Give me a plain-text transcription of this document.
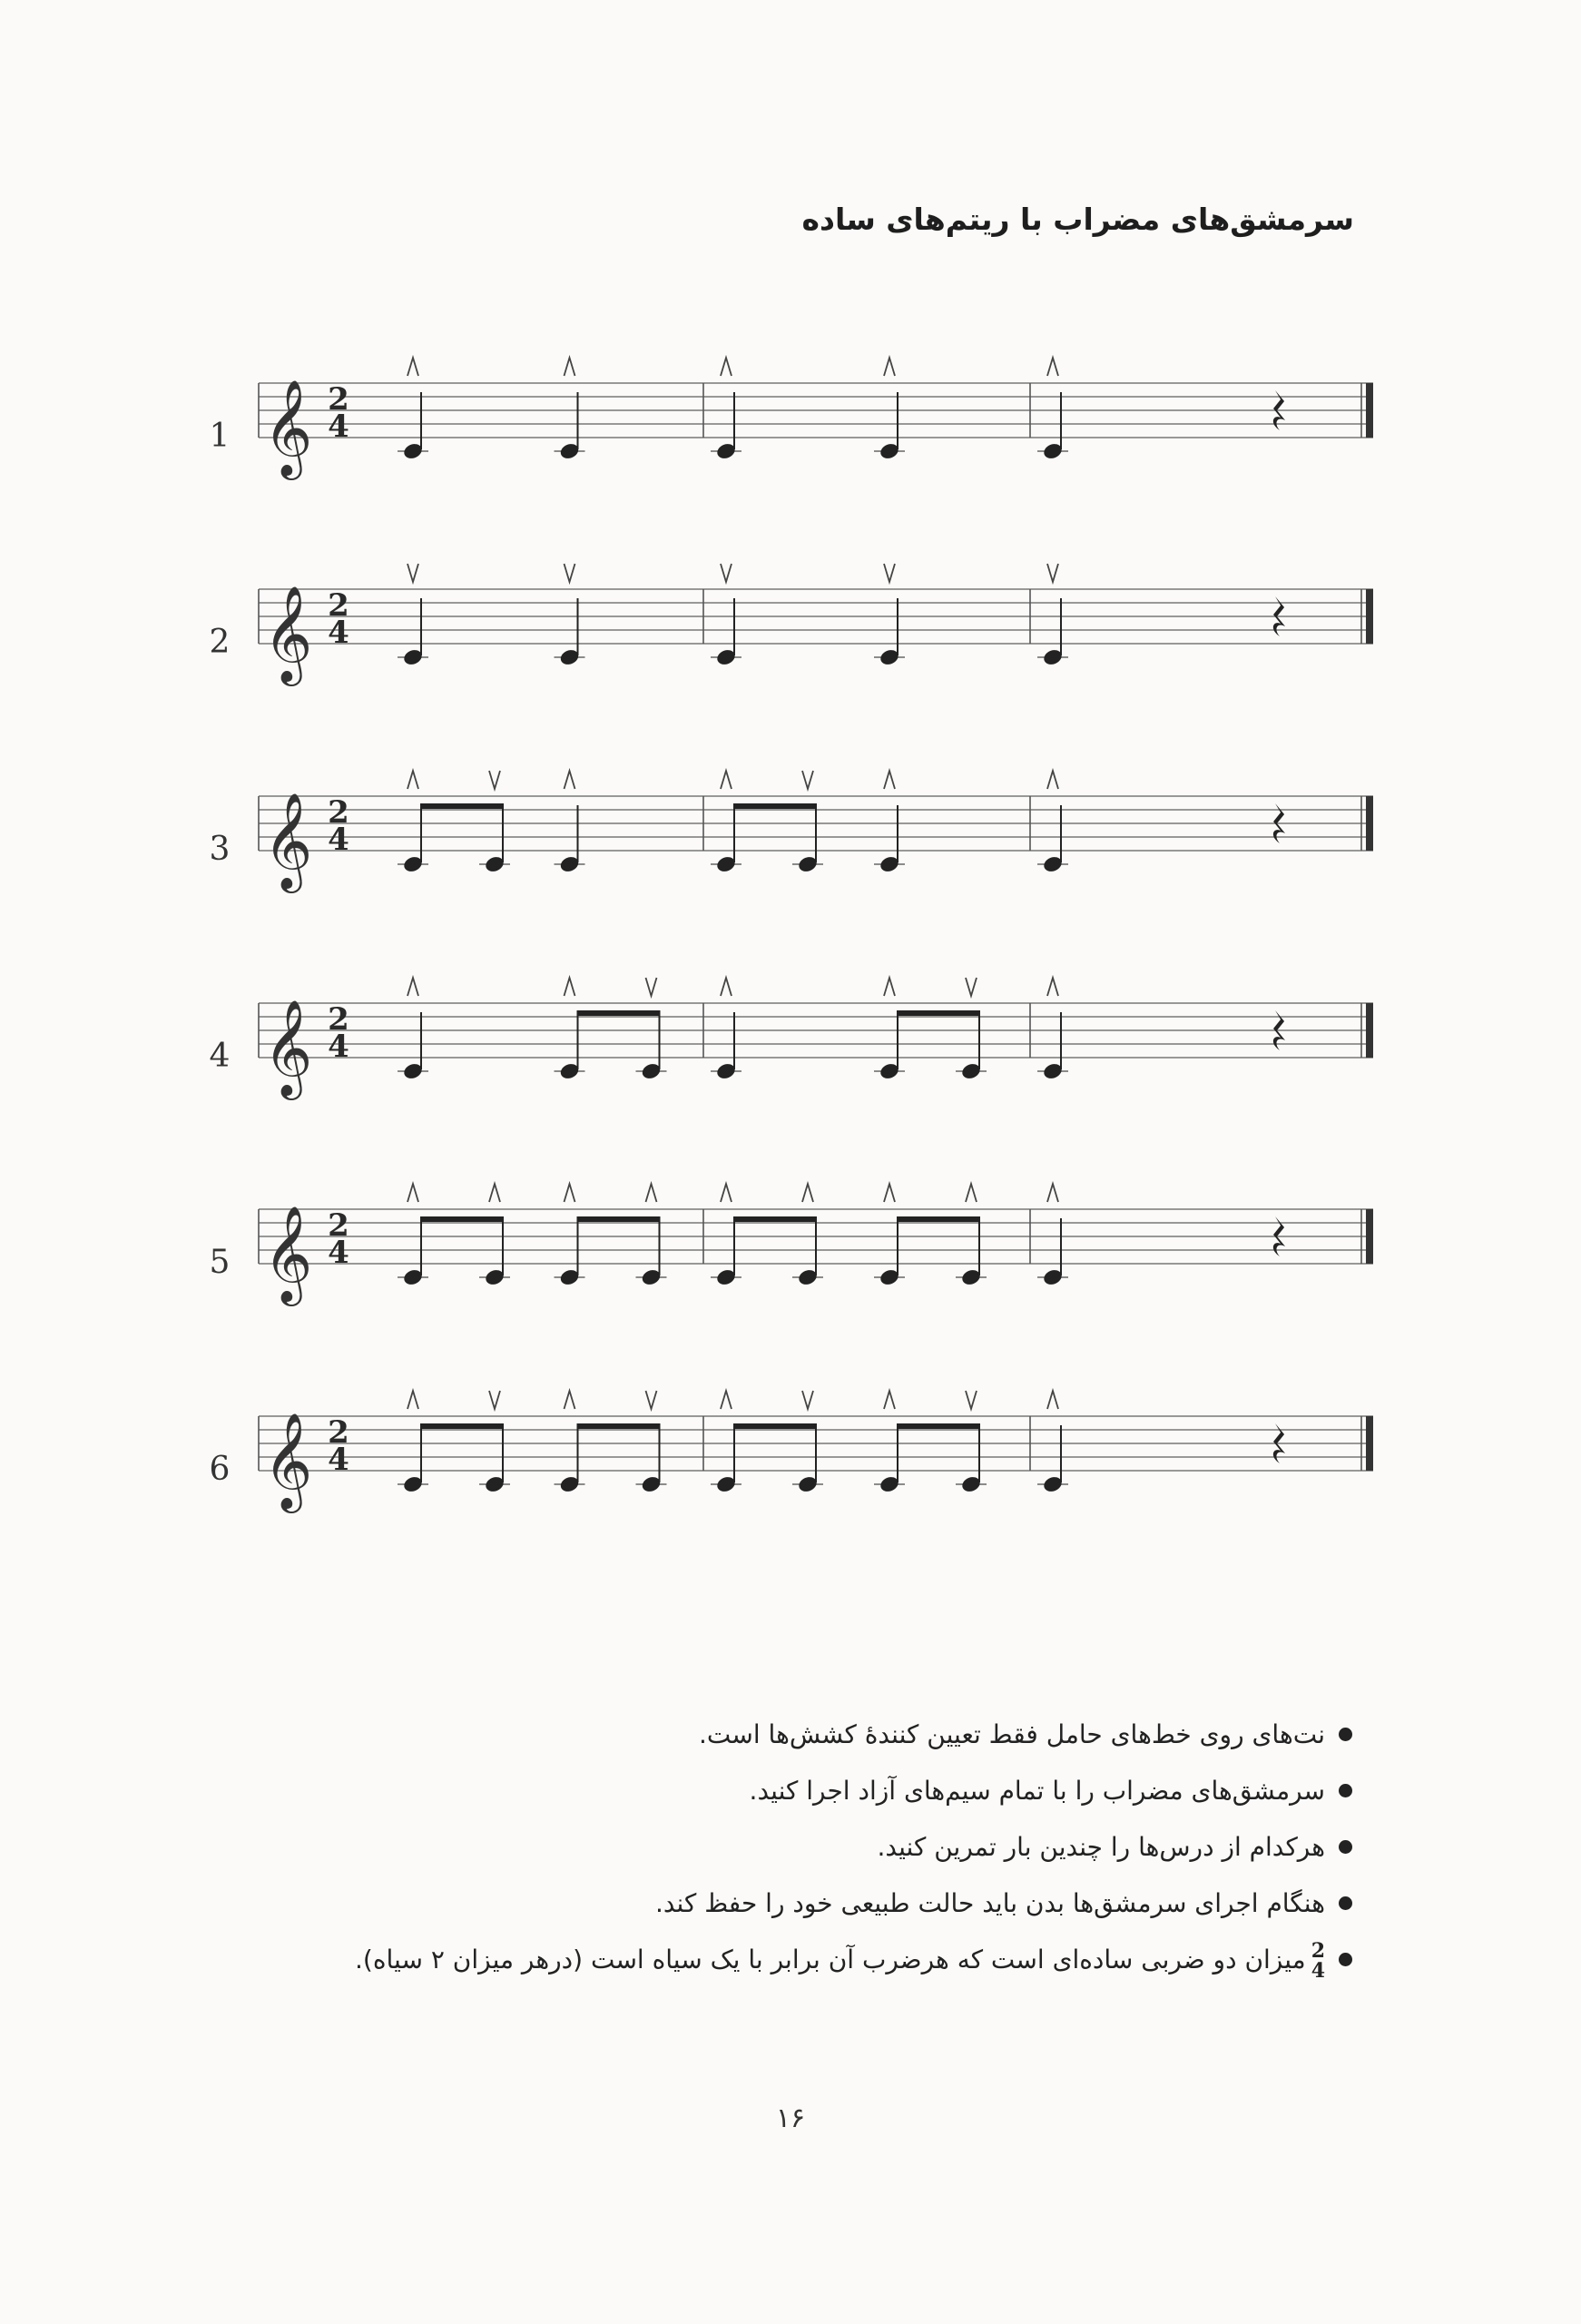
سرمشق‌های مضراب با ریتم‌های ساده
1 𝄞 2
4
2 𝄞 2
4
3 𝄞 2
4
4 𝄞 2
4
5 𝄞 2
4
6 𝄞 2
4
نت‌های روی خط‌های حامل فقط تعیین کنندهٔ کشش‌ها است.
سرمشق‌های مضراب را با تمام سیم‌های آزاد اجرا کنید.
هرکدام از درس‌ها را چندین بار تمرین کنید.
هنگام اجرای سرمشق‌ها بدن باید حالت طبیعی خود را حفظ کند.
2
4
میزان دو ضربی ساده‌ای است که هرضرب آن برابر با یک سیاه است (درهر میزان ۲ سیاه).
۱۶
